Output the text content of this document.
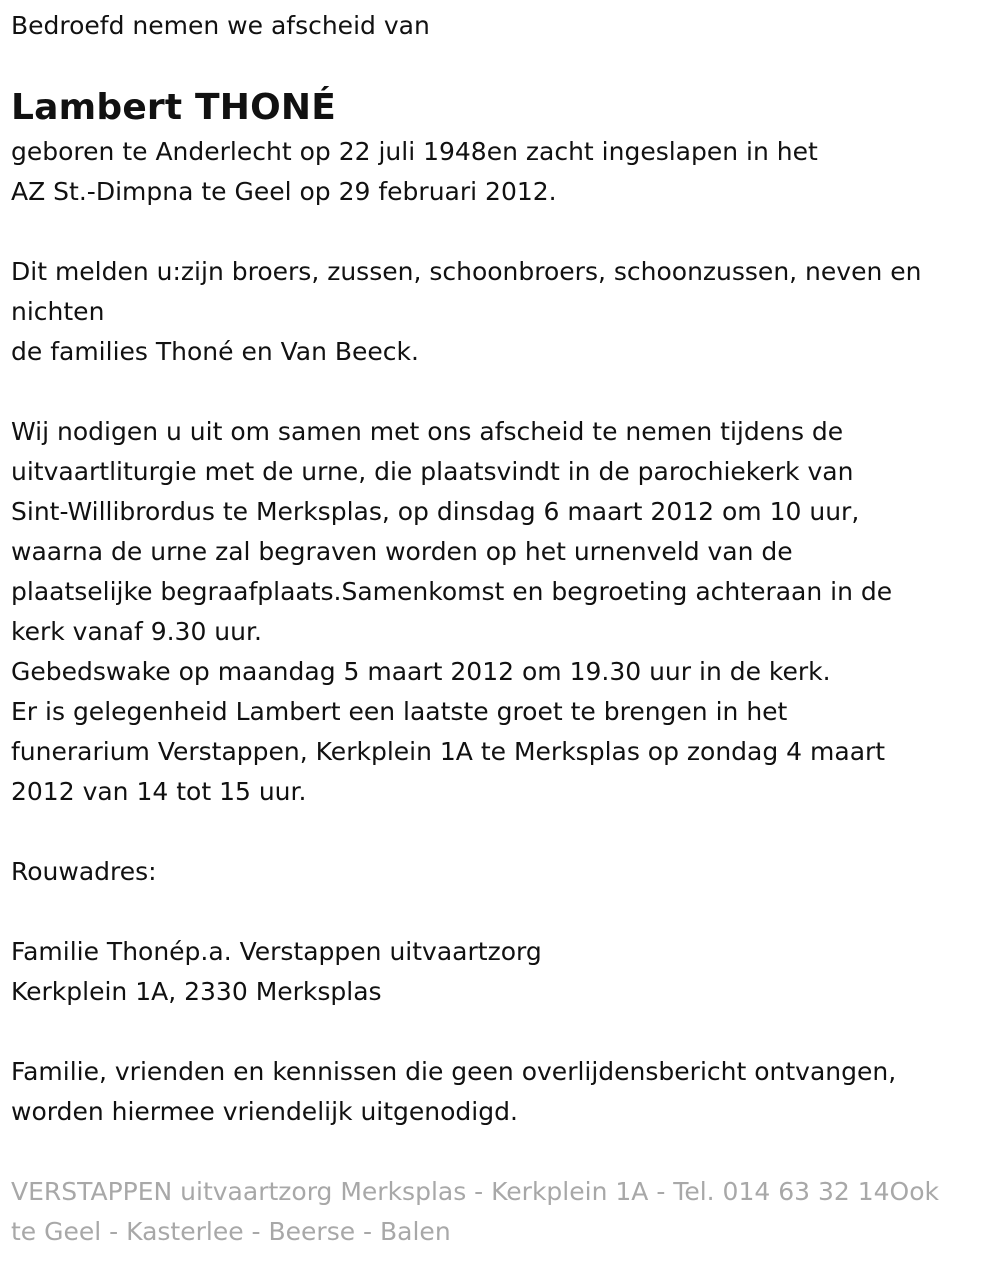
Bedroefd nemen we afscheid van
Lambert THONÉ
geboren te Anderlecht op 22 juli 1948en zacht ingeslapen in het
AZ St.-Dimpna te Geel op 29 februari 2012.
Dit melden u:zijn broers, zussen, schoonbroers, schoonzussen, neven en
nichten
de families Thoné en Van Beeck.
Wij nodigen u uit om samen met ons afscheid te nemen tijdens de
uitvaartliturgie met de urne, die plaatsvindt in de parochiekerk van
Sint-Willibrordus te Merksplas, op dinsdag 6 maart 2012 om 10 uur,
waarna de urne zal begraven worden op het urnenveld van de
plaatselijke begraafplaats.Samenkomst en begroeting achteraan in de
kerk vanaf 9.30 uur.
Gebedswake op maandag 5 maart 2012 om 19.30 uur in de kerk.
Er is gelegenheid Lambert een laatste groet te brengen in het
funerarium Verstappen, Kerkplein 1A te Merksplas op zondag 4 maart
2012 van 14 tot 15 uur.
Rouwadres:
Familie Thonép.a. Verstappen uitvaartzorg
Kerkplein 1A, 2330 Merksplas
Familie, vrienden en kennissen die geen overlijdensbericht ontvangen,
worden hiermee vriendelijk uitgenodigd.
VERSTAPPEN uitvaartzorg Merksplas - Kerkplein 1A - Tel. 014 63 32 14Ook
te Geel - Kasterlee - Beerse - Balen
